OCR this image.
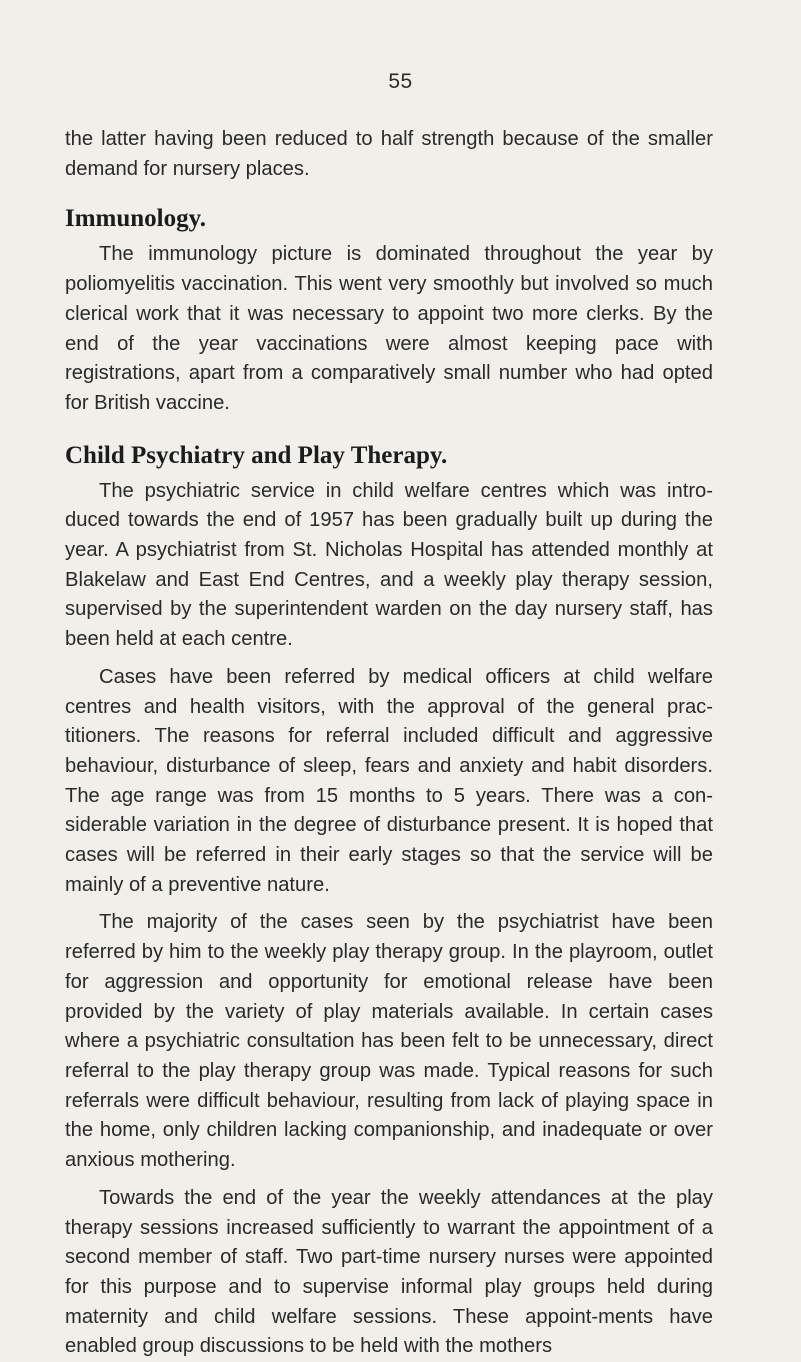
55

the latter having been reduced to half strength because of the smaller demand for nursery places.

Immunology.

The immunology picture is dominated throughout the year by poliomyelitis vaccination. This went very smoothly but involved so much clerical work that it was necessary to appoint two more clerks. By the end of the year vaccinations were almost keeping pace with registrations, apart from a comparatively small number who had opted for British vaccine.

Child Psychiatry and Play Therapy.

The psychiatric service in child welfare centres which was intro-duced towards the end of 1957 has been gradually built up during the year. A psychiatrist from St. Nicholas Hospital has attended monthly at Blakelaw and East End Centres, and a weekly play therapy session, supervised by the superintendent warden on the day nursery staff, has been held at each centre.

Cases have been referred by medical officers at child welfare centres and health visitors, with the approval of the general prac-titioners. The reasons for referral included difficult and aggressive behaviour, disturbance of sleep, fears and anxiety and habit disorders. The age range was from 15 months to 5 years. There was a con-siderable variation in the degree of disturbance present. It is hoped that cases will be referred in their early stages so that the service will be mainly of a preventive nature.

The majority of the cases seen by the psychiatrist have been referred by him to the weekly play therapy group. In the playroom, outlet for aggression and opportunity for emotional release have been provided by the variety of play materials available. In certain cases where a psychiatric consultation has been felt to be unnecessary, direct referral to the play therapy group was made. Typical reasons for such referrals were difficult behaviour, resulting from lack of playing space in the home, only children lacking companionship, and inadequate or over anxious mothering.

Towards the end of the year the weekly attendances at the play therapy sessions increased sufficiently to warrant the appointment of a second member of staff. Two part-time nursery nurses were appointed for this purpose and to supervise informal play groups held during maternity and child welfare sessions. These appoint-ments have enabled group discussions to be held with the mothers
